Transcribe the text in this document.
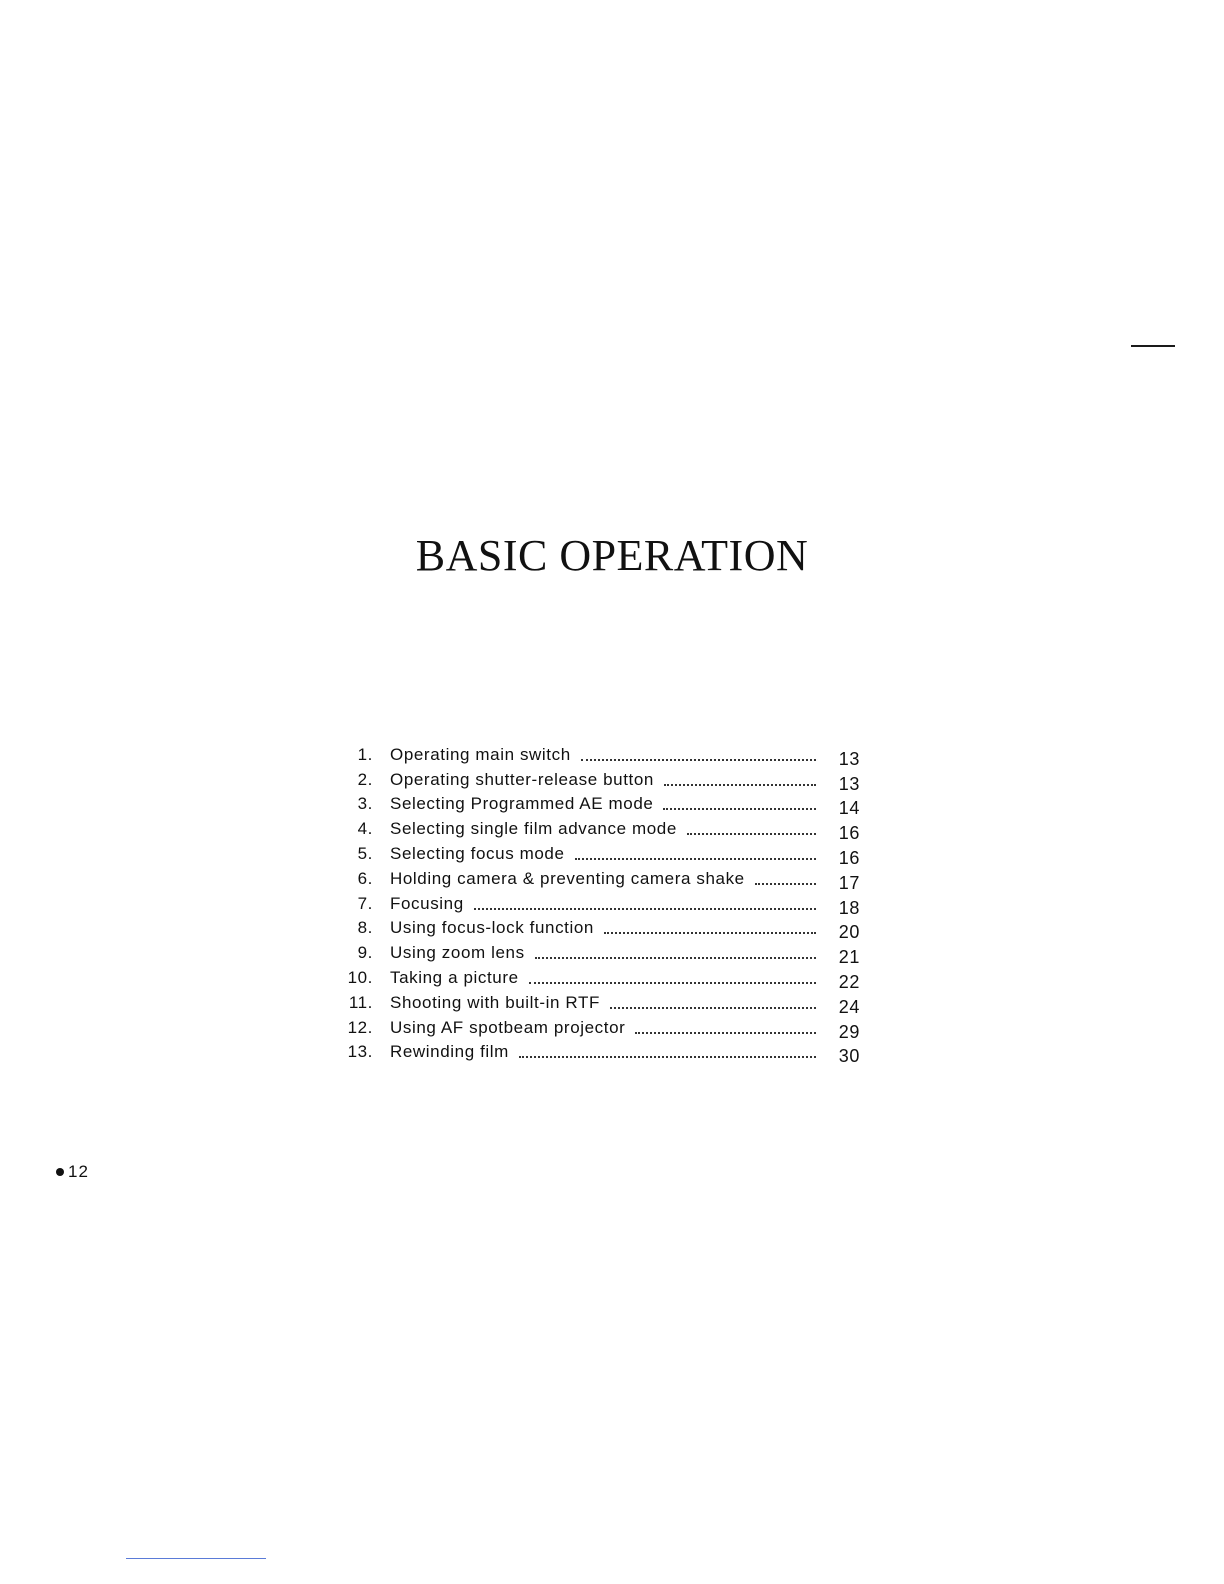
BASIC OPERATION
1.	Operating main switch	13
2.	Operating shutter-release button	13
3.	Selecting Programmed AE mode	14
4.	Selecting single film advance mode	16
5.	Selecting focus mode	16
6.	Holding camera & preventing camera shake	17
7.	Focusing	18
8.	Using focus-lock function	20
9.	Using zoom lens	21
10.	Taking a picture	22
11.	Shooting with built-in RTF	24
12.	Using AF spotbeam projector	29
13.	Rewinding film	30
12
